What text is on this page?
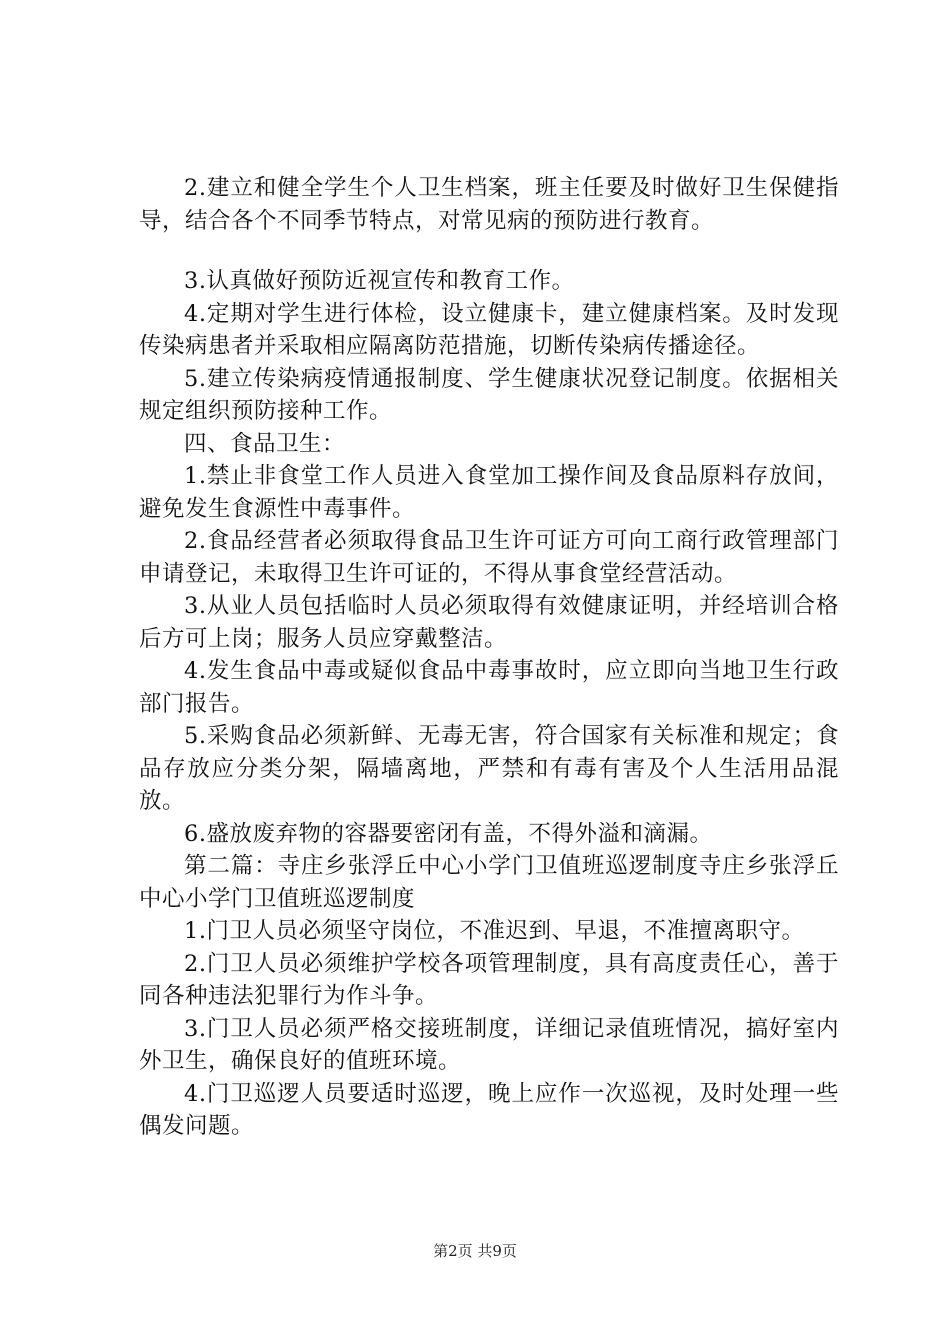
2.建立和健全学生个人卫生档案，班主任要及时做好卫生保健指导，结合各个不同季节特点，对常见病的预防进行教育。

3.认真做好预防近视宣传和教育工作。

4.定期对学生进行体检，设立健康卡，建立健康档案。及时发现传染病患者并采取相应隔离防范措施，切断传染病传播途径。

5.建立传染病疫情通报制度、学生健康状况登记制度。依据相关规定组织预防接种工作。

四、食品卫生：

1.禁止非食堂工作人员进入食堂加工操作间及食品原料存放间，避免发生食源性中毒事件。

2.食品经营者必须取得食品卫生许可证方可向工商行政管理部门申请登记，未取得卫生许可证的，不得从事食堂经营活动。

3.从业人员包括临时人员必须取得有效健康证明，并经培训合格后方可上岗；服务人员应穿戴整洁。

4.发生食品中毒或疑似食品中毒事故时，应立即向当地卫生行政部门报告。

5.采购食品必须新鲜、无毒无害，符合国家有关标准和规定；食品存放应分类分架，隔墙离地，严禁和有毒有害及个人生活用品混放。

6.盛放废弃物的容器要密闭有盖，不得外溢和滴漏。

第二篇：寺庄乡张浮丘中心小学门卫值班巡逻制度寺庄乡张浮丘中心小学门卫值班巡逻制度

1.门卫人员必须坚守岗位，不准迟到、早退，不准擅离职守。

2.门卫人员必须维护学校各项管理制度，具有高度责任心，善于同各种违法犯罪行为作斗争。

3.门卫人员必须严格交接班制度，详细记录值班情况，搞好室内外卫生，确保良好的值班环境。

4.门卫巡逻人员要适时巡逻，晚上应作一次巡视，及时处理一些偶发问题。

第2页 共9页
